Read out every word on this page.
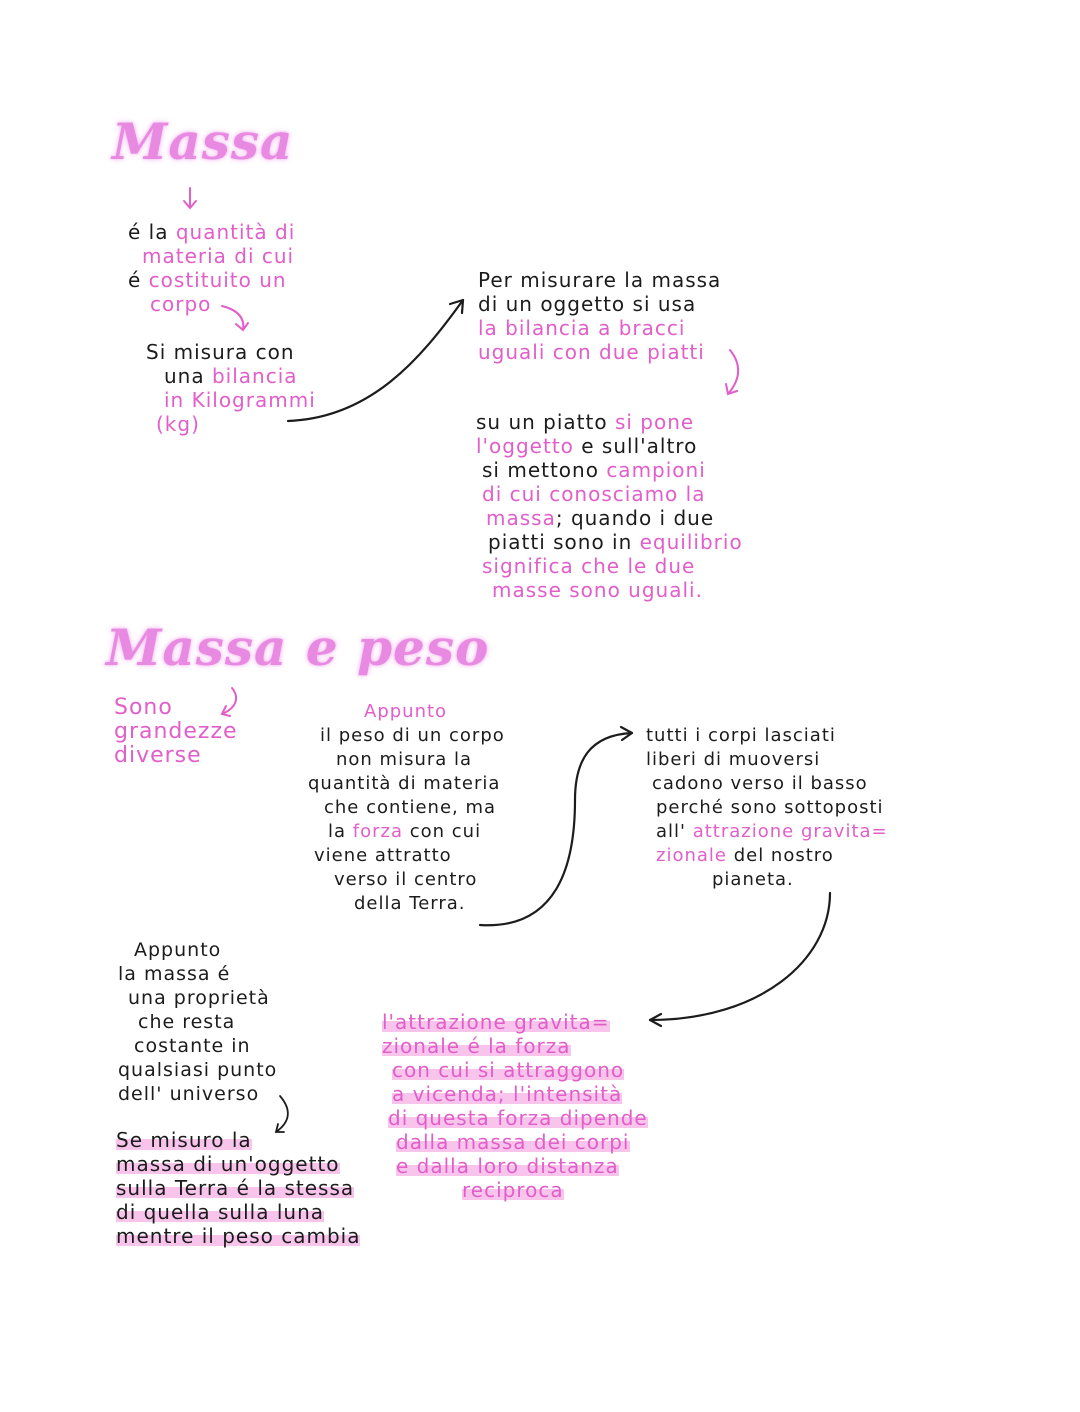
Massa
Massa e peso
é la quantità di
materia di cui
é costituito un
corpo
Si misura con
una bilancia
in Kilogrammi
(kg)
Per misurare la massa
di un oggetto si usa
la bilancia a bracci
uguali con due piatti
su un piatto si pone
l'oggetto e sull'altro
si mettono campioni
di cui conosciamo la
massa; quando i due
piatti sono in equilibrio
significa che le due
masse sono uguali.
Sono
grandezze
diverse
Appunto
il peso di un corpo
non misura la
quantità di materia
che contiene, ma
la forza con cui
viene attratto
verso il centro
della Terra.
tutti i corpi lasciati
liberi di muoversi
cadono verso il basso
perché sono sottoposti
all' attrazione gravita=
zionale del nostro
pianeta.
Appunto
la massa é
una proprietà
che resta
costante in
qualsiasi punto
dell' universo
Se misuro la
massa di un'oggetto
sulla Terra é la stessa
di quella sulla luna
mentre il peso cambia
l'attrazione gravita=
zionale é la forza
con cui si attraggono
a vicenda; l'intensità
di questa forza dipende
dalla massa dei corpi
e dalla loro distanza
reciproca
